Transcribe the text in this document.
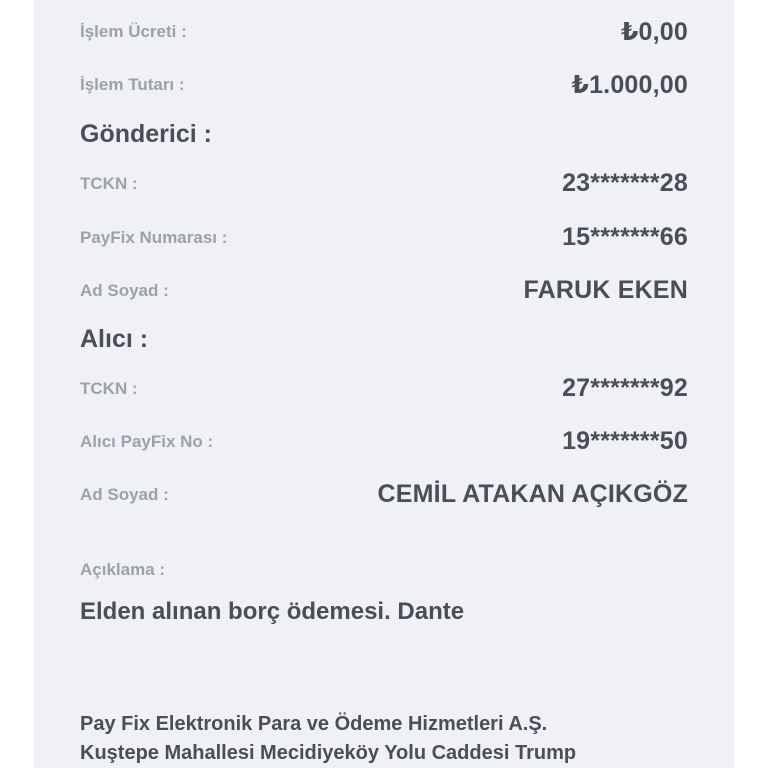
İşlem Ücreti :	₺0,00
İşlem Tutarı :	₺1.000,00
Gönderici :
TCKN :	23*******28
PayFix Numarası :	15*******66
Ad Soyad :	FARUK EKEN
Alıcı :
TCKN :	27*******92
Alıcı PayFix No :	19*******50
Ad Soyad :	CEMİL ATAKAN AÇIKGÖZ
Açıklama :
Elden alınan borç ödemesi. Dante
Pay Fix Elektronik Para ve Ödeme Hizmetleri A.Ş.
Kuştepe Mahallesi Mecidiyeköy Yolu Caddesi Trump
